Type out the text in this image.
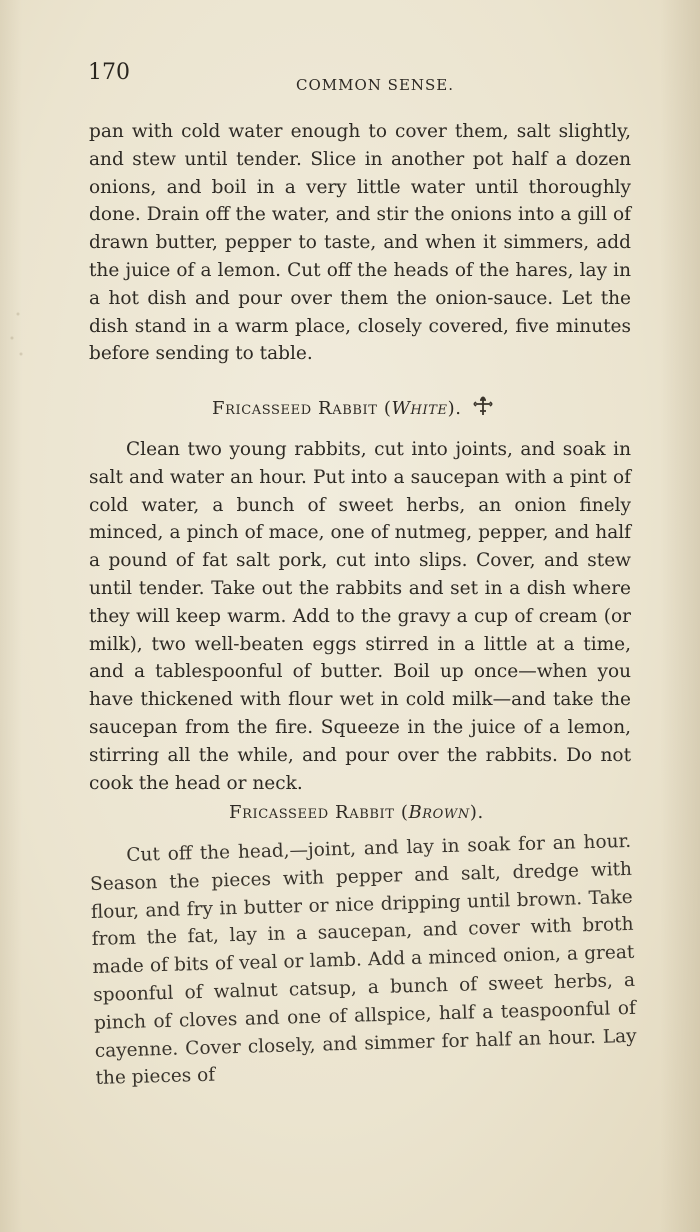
170	COMMON SENSE.

pan with cold water enough to cover them, salt slightly, and stew until tender. Slice in another pot half a dozen onions, and boil in a very little water until thoroughly done. Drain off the water, and stir the onions into a gill of drawn butter, pepper to taste, and when it simmers, add the juice of a lemon. Cut off the heads of the hares, lay in a hot dish and pour over them the onion-sauce. Let the dish stand in a warm place, closely covered, five minutes before sending to table.

Fricasseed Rabbit (White).

Clean two young rabbits, cut into joints, and soak in salt and water an hour. Put into a saucepan with a pint of cold water, a bunch of sweet herbs, an onion finely minced, a pinch of mace, one of nutmeg, pepper, and half a pound of fat salt pork, cut into slips. Cover, and stew until tender. Take out the rabbits and set in a dish where they will keep warm. Add to the gravy a cup of cream (or milk), two well-beaten eggs stirred in a little at a time, and a tablespoonful of butter. Boil up once—when you have thickened with flour wet in cold milk—and take the saucepan from the fire. Squeeze in the juice of a lemon, stirring all the while, and pour over the rabbits. Do not cook the head or neck.

Fricasseed Rabbit (Brown).

Cut off the head,—joint, and lay in soak for an hour. Season the pieces with pepper and salt, dredge with flour, and fry in butter or nice dripping until brown. Take from the fat, lay in a saucepan, and cover with broth made of bits of veal or lamb. Add a minced onion, a great spoonful of walnut catsup, a bunch of sweet herbs, a pinch of cloves and one of allspice, half a teaspoonful of cayenne. Cover closely, and simmer for half an hour. Lay the pieces of
